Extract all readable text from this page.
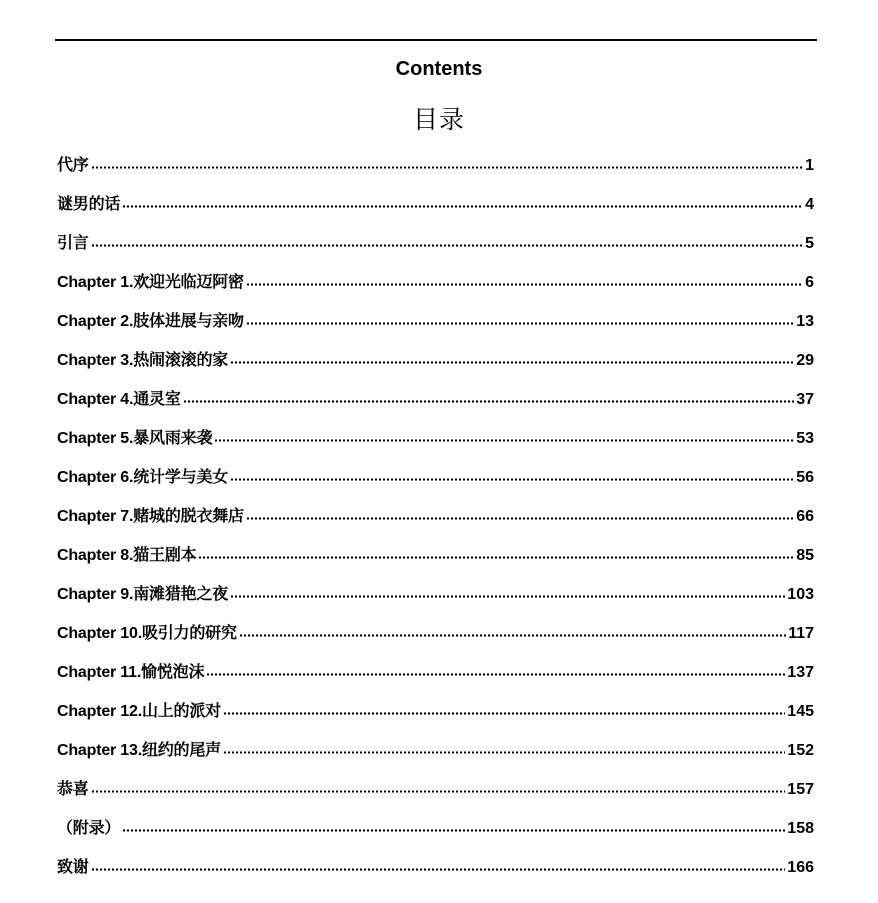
Contents
目录
代序	1
谜男的话	4
引言	5
Chapter 1.欢迎光临迈阿密	6
Chapter 2.肢体进展与亲吻	13
Chapter 3.热闹滚滚的家	29
Chapter 4.通灵室	37
Chapter 5.暴风雨来袭	53
Chapter 6.统计学与美女	56
Chapter 7.赌城的脱衣舞店	66
Chapter 8.猫王剧本	85
Chapter 9.南滩猎艳之夜	103
Chapter 10.吸引力的研究	117
Chapter 11.愉悦泡沫	137
Chapter 12.山上的派对	145
Chapter 13.纽约的尾声	152
恭喜	157
（附录）	158
致谢	166
